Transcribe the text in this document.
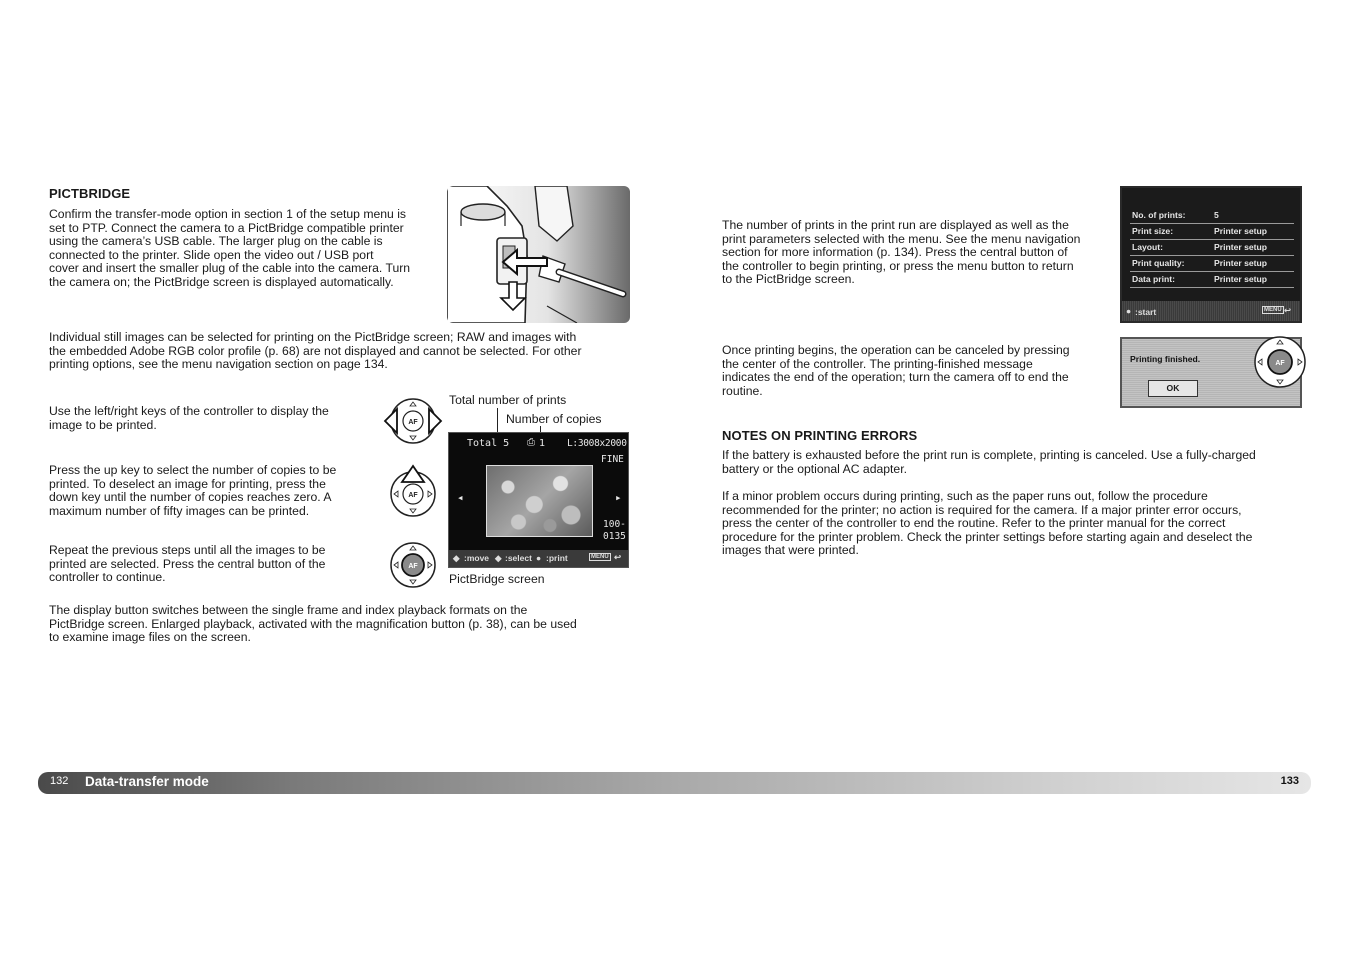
PICTBRIDGE
Confirm the transfer-mode option in section 1 of the setup menu is
set to PTP. Connect the camera to a PictBridge compatible printer
using the camera’s USB cable. The larger plug on the cable is
connected to the printer. Slide open the video out / USB port
cover and insert the smaller plug of the cable into the camera. Turn
the camera on; the PictBridge screen is displayed automatically.
Individual still images can be selected for printing on the PictBridge screen; RAW and images with
the embedded Adobe RGB color profile (p. 68) are not displayed and cannot be selected. For other
printing options, see the menu navigation section on page 134.
Use the left/right keys of the controller to display the
image to be printed.
Press the up key to select the number of copies to be
printed. To deselect an image for printing, press the
down key until the number of copies reaches zero. A
maximum number of fifty images can be printed.
Repeat the previous steps until all the images to be
printed are selected. Press the central button of the
controller to continue.
AF
AF
AF
Total number of prints
Number of copies
Total 5 ⎙ 1 L:3008x2000
FINE
◂	▸
100-
0135
◆ :move ◆ :select ● :print	MENU ↩
PictBridge screen
The display button switches between the single frame and index playback formats on the
PictBridge screen. Enlarged playback, activated with the magnification button (p. 38), can be used
to examine image files on the screen.
The number of prints in the print run are displayed as well as the
print parameters selected with the menu. See the menu navigation
section for more information (p. 134). Press the central button of
the controller to begin printing, or press the menu button to return
to the PictBridge screen.
No. of prints:	5
Print size:	Printer setup
Layout:	Printer setup
Print quality:	Printer setup
Data print:	Printer setup
● :start	MENU ↩
Once printing begins, the operation can be canceled by pressing
the center of the controller. The printing-finished message
indicates the end of the operation; turn the camera off to end the
routine.
Printing finished.
OK
AF
NOTES ON PRINTING ERRORS
If the battery is exhausted before the print run is complete, printing is canceled. Use a fully-charged
battery or the optional AC adapter.
If a minor problem occurs during printing, such as the paper runs out, follow the procedure
recommended for the printer; no action is required for the camera. If a major printer error occurs,
press the center of the controller to end the routine. Refer to the printer manual for the correct
procedure for the printer problem. Check the printer settings before starting again and deselect the
images that were printed.
132 Data-transfer mode	133
